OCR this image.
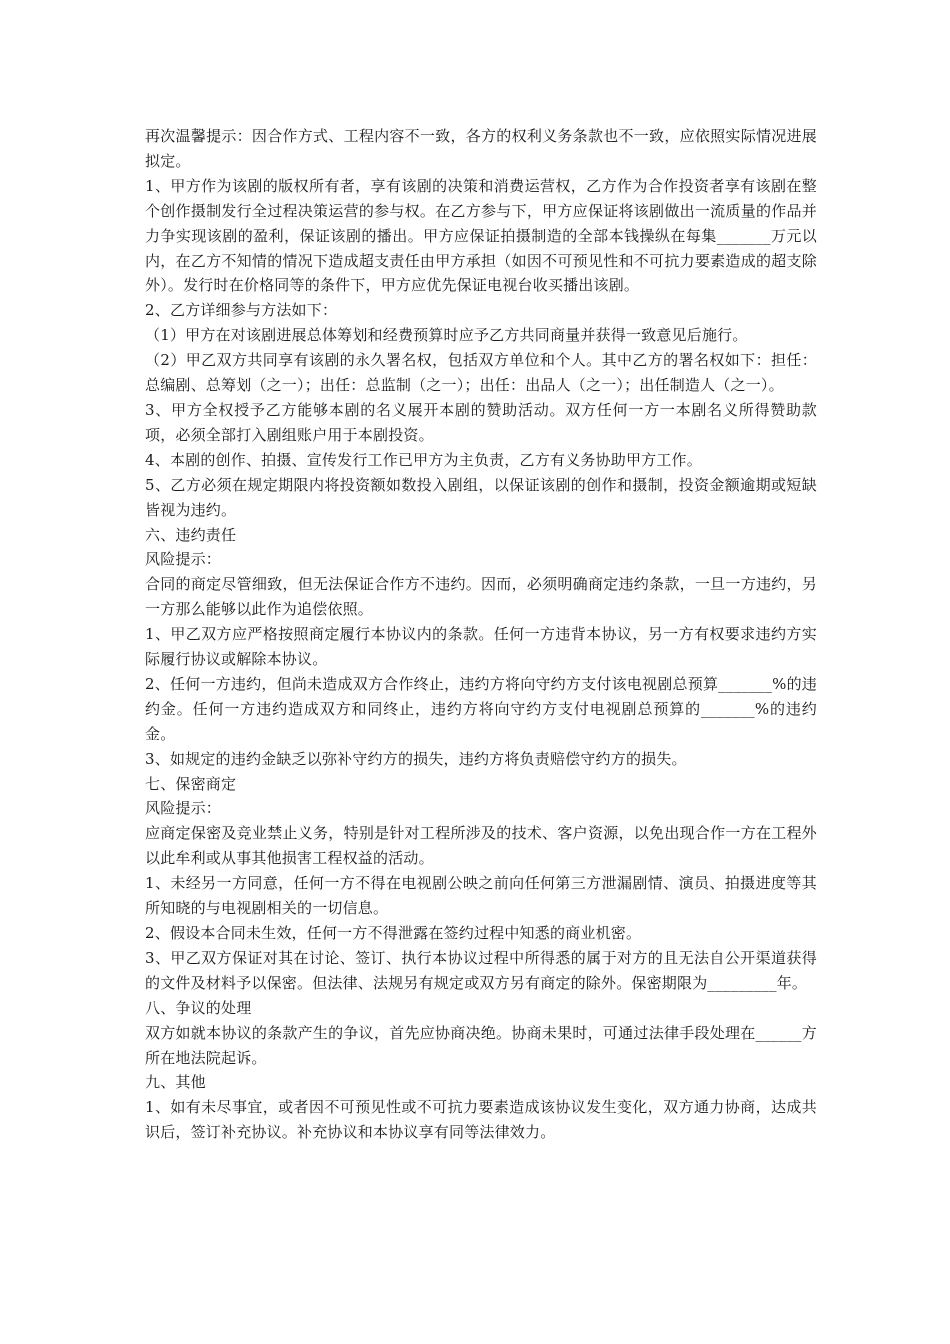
再次温馨提示：因合作方式、工程内容不一致，各方的权利义务条款也不一致，应依照实际情况进展拟定。

1、甲方作为该剧的版权所有者，享有该剧的决策和消费运营权，乙方作为合作投资者享有该剧在整个创作摄制发行全过程决策运营的参与权。在乙方参与下，甲方应保证将该剧做出一流质量的作品并力争实现该剧的盈利，保证该剧的播出。甲方应保证拍摄制造的全部本钱操纵在每集_______万元以内，在乙方不知情的情况下造成超支责任由甲方承担（如因不可预见性和不可抗力要素造成的超支除外）。发行时在价格同等的条件下，甲方应优先保证电视台收买播出该剧。

2、乙方详细参与方法如下：

（1）甲方在对该剧进展总体筹划和经费预算时应予乙方共同商量并获得一致意见后施行。

（2）甲乙双方共同享有该剧的永久署名权，包括双方单位和个人。其中乙方的署名权如下：担任：总编剧、总筹划（之一）；出任：总监制（之一）；出任：出品人（之一）；出任制造人（之一）。

3、甲方全权授予乙方能够本剧的名义展开本剧的赞助活动。双方任何一方一本剧名义所得赞助款项，必须全部打入剧组账户用于本剧投资。

4、本剧的创作、拍摄、宣传发行工作已甲方为主负责，乙方有义务协助甲方工作。

5、乙方必须在规定期限内将投资额如数投入剧组，以保证该剧的创作和摄制，投资金额逾期或短缺皆视为违约。

六、违约责任

风险提示：

合同的商定尽管细致，但无法保证合作方不违约。因而，必须明确商定违约条款，一旦一方违约，另一方那么能够以此作为追偿依照。

1、甲乙双方应严格按照商定履行本协议内的条款。任何一方违背本协议，另一方有权要求违约方实际履行协议或解除本协议。

2、任何一方违约，但尚未造成双方合作终止，违约方将向守约方支付该电视剧总预算_______%的违约金。任何一方违约造成双方和同终止，违约方将向守约方支付电视剧总预算的_______%的违约金。

3、如规定的违约金缺乏以弥补守约方的损失，违约方将负责赔偿守约方的损失。

七、保密商定

风险提示：

应商定保密及竞业禁止义务，特别是针对工程所涉及的技术、客户资源，以免出现合作一方在工程外以此牟利或从事其他损害工程权益的活动。

1、未经另一方同意，任何一方不得在电视剧公映之前向任何第三方泄漏剧情、演员、拍摄进度等其所知晓的与电视剧相关的一切信息。

2、假设本合同未生效，任何一方不得泄露在签约过程中知悉的商业机密。

3、甲乙双方保证对其在讨论、签订、执行本协议过程中所得悉的属于对方的且无法自公开渠道获得的文件及材料予以保密。但法律、法规另有规定或双方另有商定的除外。保密期限为_________年。

八、争议的处理

双方如就本协议的条款产生的争议，首先应协商决绝。协商未果时，可通过法律手段处理在______方所在地法院起诉。

九、其他

1、如有未尽事宜，或者因不可预见性或不可抗力要素造成该协议发生变化，双方通力协商，达成共识后，签订补充协议。补充协议和本协议享有同等法律效力。
